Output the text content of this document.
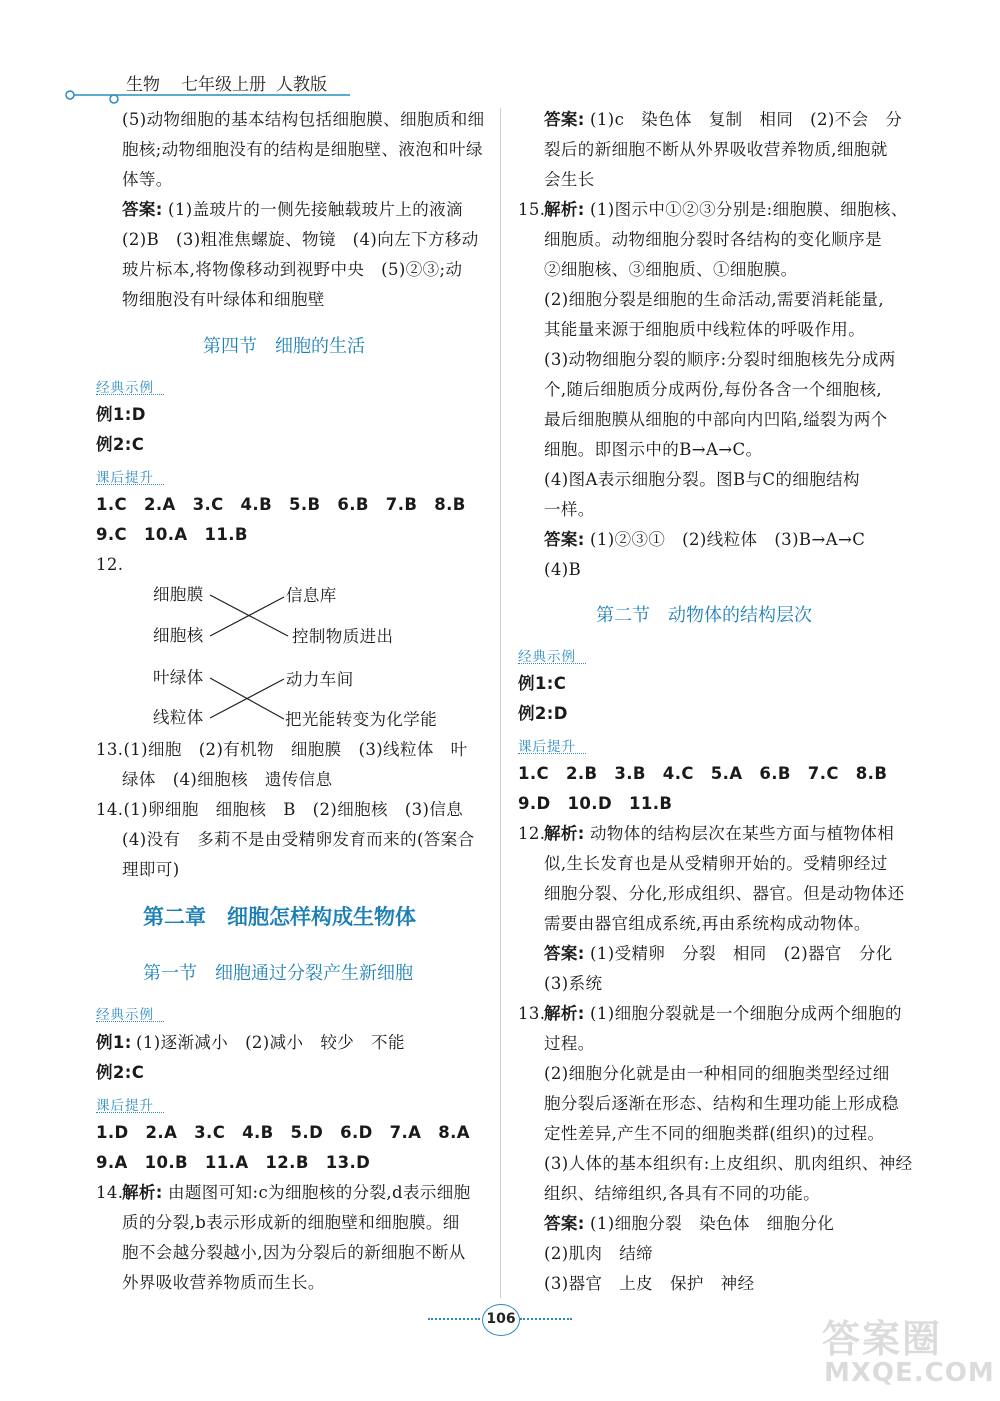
生物 七年级上册 人教版
(5)动物细胞的基本结构包括细胞膜、细胞质和细
胞核;动物细胞没有的结构是细胞壁、液泡和叶绿
体等。
答案: (1)盖玻片的一侧先接触载玻片上的液滴
(2)B　(3)粗准焦螺旋、物镜　(4)向左下方移动
玻片标本,将物像移动到视野中央　(5)②③;动
物细胞没有叶绿体和细胞壁
第四节　细胞的生活
经典示例
例1:D
例2:C
课后提升
1.C　2.A　3.C　4.B　5.B　6.B　7.B　8.B
9.C　10.A　11.B
12.
细胞膜
细胞核
信息库
控制物质进出
叶绿体
线粒体
动力车间
把光能转变为化学能
13.(1)细胞　(2)有机物　细胞膜　(3)线粒体　叶
绿体　(4)细胞核　遗传信息
14.(1)卵细胞　细胞核　B　(2)细胞核　(3)信息
(4)没有　多莉不是由受精卵发育而来的(答案合
理即可)
第二章　细胞怎样构成生物体
第一节　细胞通过分裂产生新细胞
经典示例
例1: (1)逐渐减小　(2)减小　较少　不能
例2:C
课后提升
1.D　2.A　3.C　4.B　5.D　6.D　7.A　8.A
9.A　10.B　11.A　12.B　13.D
14.
解析: 由题图可知:c为细胞核的分裂,d表示细胞
质的分裂,b表示形成新的细胞壁和细胞膜。细
胞不会越分裂越小,因为分裂后的新细胞不断从
外界吸收营养物质而生长。
答案: (1)c　染色体　复制　相同　(2)不会　分
裂后的新细胞不断从外界吸收营养物质,细胞就
会生长
15.
解析: (1)图示中①②③分别是:细胞膜、细胞核、
细胞质。动物细胞分裂时各结构的变化顺序是
②细胞核、③细胞质、①细胞膜。
(2)细胞分裂是细胞的生命活动,需要消耗能量,
其能量来源于细胞质中线粒体的呼吸作用。
(3)动物细胞分裂的顺序:分裂时细胞核先分成两
个,随后细胞质分成两份,每份各含一个细胞核,
最后细胞膜从细胞的中部向内凹陷,缢裂为两个
细胞。即图示中的B→A→C。
(4)图A表示细胞分裂。图B与C的细胞结构
一样。
答案: (1)②③①　(2)线粒体　(3)B→A→C
(4)B
第二节　动物体的结构层次
经典示例
例1:C
例2:D
课后提升
1.C　2.B　3.B　4.C　5.A　6.B　7.C　8.B
9.D　10.D　11.B
12.
解析: 动物体的结构层次在某些方面与植物体相
似,生长发育也是从受精卵开始的。受精卵经过
细胞分裂、分化,形成组织、器官。但是动物体还
需要由器官组成系统,再由系统构成动物体。
答案: (1)受精卵　分裂　相同　(2)器官　分化
(3)系统
13.
解析: (1)细胞分裂就是一个细胞分成两个细胞的
过程。
(2)细胞分化就是由一种相同的细胞类型经过细
胞分裂后逐渐在形态、结构和生理功能上形成稳
定性差异,产生不同的细胞类群(组织)的过程。
(3)人体的基本组织有:上皮组织、肌肉组织、神经
组织、结缔组织,各具有不同的功能。
答案: (1)细胞分裂　染色体　细胞分化
(2)肌肉　结缔
(3)器官　上皮　保护　神经
106	答案圈
MXQE.COM
